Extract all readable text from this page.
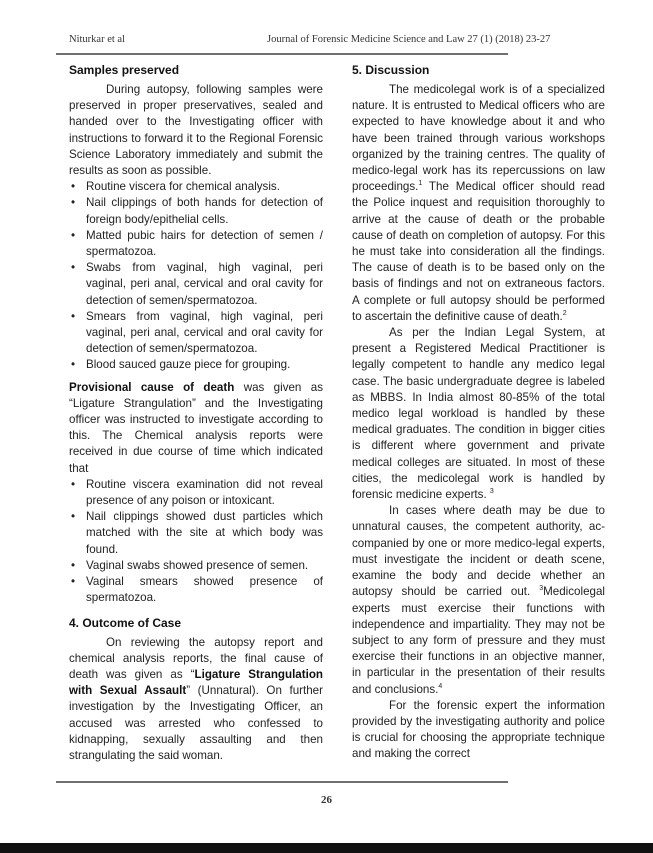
Niturkar et al	Journal of Forensic Medicine Science and Law 27 (1) (2018) 23-27
Samples preserved

During autopsy, following samples were preserved in proper preservatives, sealed and handed over to the Investigating officer with instructions to forward it to the Regional Forensic Science Laboratory immediately and submit the results as soon as possible.

• Routine viscera for chemical analysis.
• Nail clippings of both hands for detection of foreign body/epithelial cells.
• Matted pubic hairs for detection of semen / spermatozoa.
• Swabs from vaginal, high vaginal, peri vaginal, peri anal, cervical and oral cavity for detection of semen/spermatozoa.
• Smears from vaginal, high vaginal, peri vaginal, peri anal, cervical and oral cavity for detection of semen/spermatozoa.
• Blood sauced gauze piece for grouping.

Provisional cause of death was given as “Ligature Strangulation” and the Investigating officer was instructed to investigate according to this. The Chemical analysis reports were received in due course of time which indicated that

• Routine viscera examination did not reveal presence of any poison or intoxicant.
• Nail clippings showed dust particles which matched with the site at which body was found.
• Vaginal swabs showed presence of semen.
• Vaginal smears showed presence of spermatozoa.
4. Outcome of Case

On reviewing the autopsy report and chemical analysis reports, the final cause of death was given as “Ligature Strangulation with Sexual Assault” (Unnatural). On further investigation by the Investigating Officer, an accused was arrested who confessed to kidnapping, sexually assaulting and then strangulating the said woman.

5. Discussion

The medicolegal work is of a specialized nature. It is entrusted to Medical officers who are expected to have knowledge about it and who have been trained through various workshops organized by the training centres. The quality of medico-legal work has its repercussions on law proceedings.$^1$ The Medical officer should read the Police inquest and requisition thoroughly to arrive at the cause of death or the probable cause of death on completion of autopsy. For this he must take into consideration all the findings. The cause of death is to be based only on the basis of findings and not on extraneous factors. A complete or full autopsy should be performed to ascertain the definitive cause of death.$^2$

As per the Indian Legal System, at present a Registered Medical Practitioner is legally competent to handle any medico legal case. The basic undergraduate degree is labeled as MBBS. In India almost 80-85% of the total medico legal workload is handled by these medical graduates. The condition in bigger cities is different where government and private medical colleges are situated. In most of these cities, the medicolegal work is handled by forensic medicine experts. $^3$

In cases where death may be due to unnatural causes, the competent authority, ac-companied by one or more medico-legal experts, must investigate the incident or death scene, examine the body and decide whether an autopsy should be carried out. $^3$Medicolegal experts must exercise their functions with independence and impartiality. They may not be subject to any form of pressure and they must exercise their functions in an objective manner, in particular in the presentation of their results and conclusions.$^4$

For the forensic expert the information provided by the investigating authority and police is crucial for choosing the appropriate technique and making the correct

26
